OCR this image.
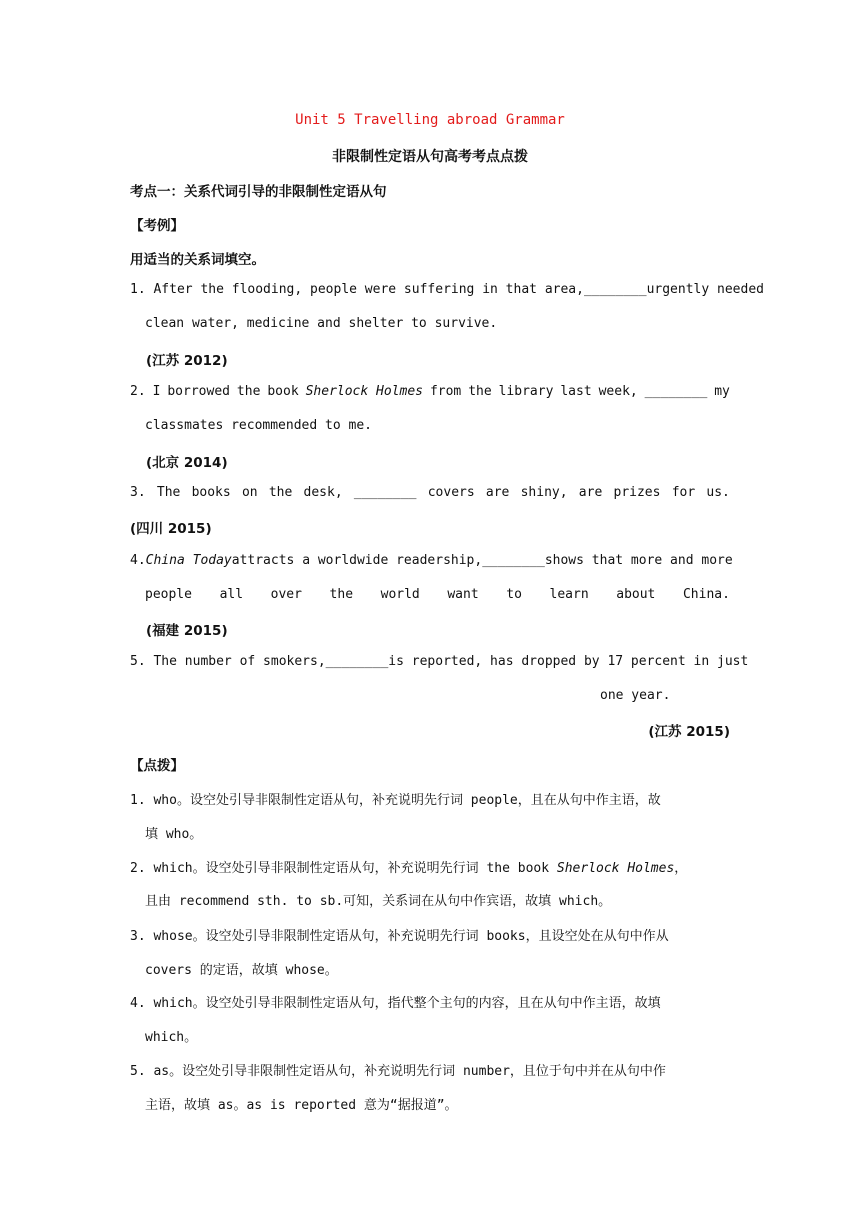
Unit 5 Travelling abroad Grammar
非限制性定语从句高考考点点拨
考点一：关系代词引导的非限制性定语从句
【考例】
用适当的关系词填空。
1. After the flooding, people were suffering in that area, ________ urgently needed
clean water, medicine and shelter to survive.
(江苏 2012)
2. I borrowed the book Sherlock Holmes from the library last week, ________ my
classmates recommended to me.
(北京 2014)
3. The books on the desk, ________ covers are shiny, are prizes for us.
(四川 2015)
4. China Today attracts a worldwide readership, ________ shows that more and more
people all over the world want to learn about China.
(福建 2015)
5. The number of smokers, ________ is reported, has dropped by 17 percent in just
one year.
(江苏 2015)
【点拨】
1. who。设空处引导非限制性定语从句，补充说明先行词 people，且在从句中作主语，故
填 who。
2. which。设空处引导非限制性定语从句，补充说明先行词 the book Sherlock Holmes，
且由 recommend sth. to sb.可知，关系词在从句中作宾语，故填 which。
3. whose。设空处引导非限制性定语从句，补充说明先行词 books，且设空处在从句中作从
covers 的定语，故填 whose。
4. which。设空处引导非限制性定语从句，指代整个主句的内容，且在从句中作主语，故填
which。
5. as。设空处引导非限制性定语从句，补充说明先行词 number，且位于句中并在从句中作
主语，故填 as。as is reported 意为“据报道”。
